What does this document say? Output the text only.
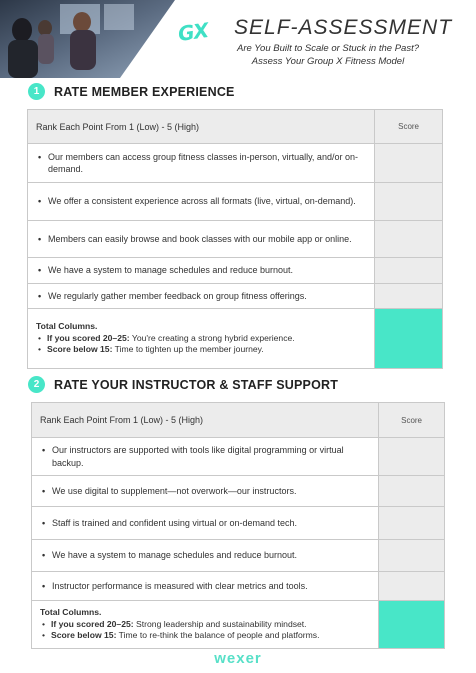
GX SELF-ASSESSMENT
Are You Built to Scale or Stuck in the Past?
Assess Your Group X Fitness Model
1	RATE MEMBER EXPERIENCE
Rank Each Point From 1 (Low) - 5 (High)	Score

• Our members can access group fitness classes in-person, virtually, and/or on-demand.	

• We offer a consistent experience across all formats (live, virtual, on-demand).	

• Members can easily browse and book classes with our mobile app or online.	

• We have a system to manage schedules and reduce burnout.	

• We regularly gather member feedback on group fitness offerings.	

Total Columns.
• If you scored 20–25: You're creating a strong hybrid experience.
• Score below 15: Time to tighten up the member journey.	

2	RATE YOUR INSTRUCTOR & STAFF SUPPORT
Rank Each Point From 1 (Low) - 5 (High)	Score

• Our instructors are supported with tools like digital programming or virtual backup.	

• We use digital to supplement—not overwork—our instructors.	

• Staff is trained and confident using virtual or on-demand tech.	

• We have a system to manage schedules and reduce burnout.	

• Instructor performance is measured with clear metrics and tools.	

Total Columns.
• If you scored 20–25: Strong leadership and sustainability mindset.
• Score below 15: Time to re-think the balance of people and platforms.	

wexer
